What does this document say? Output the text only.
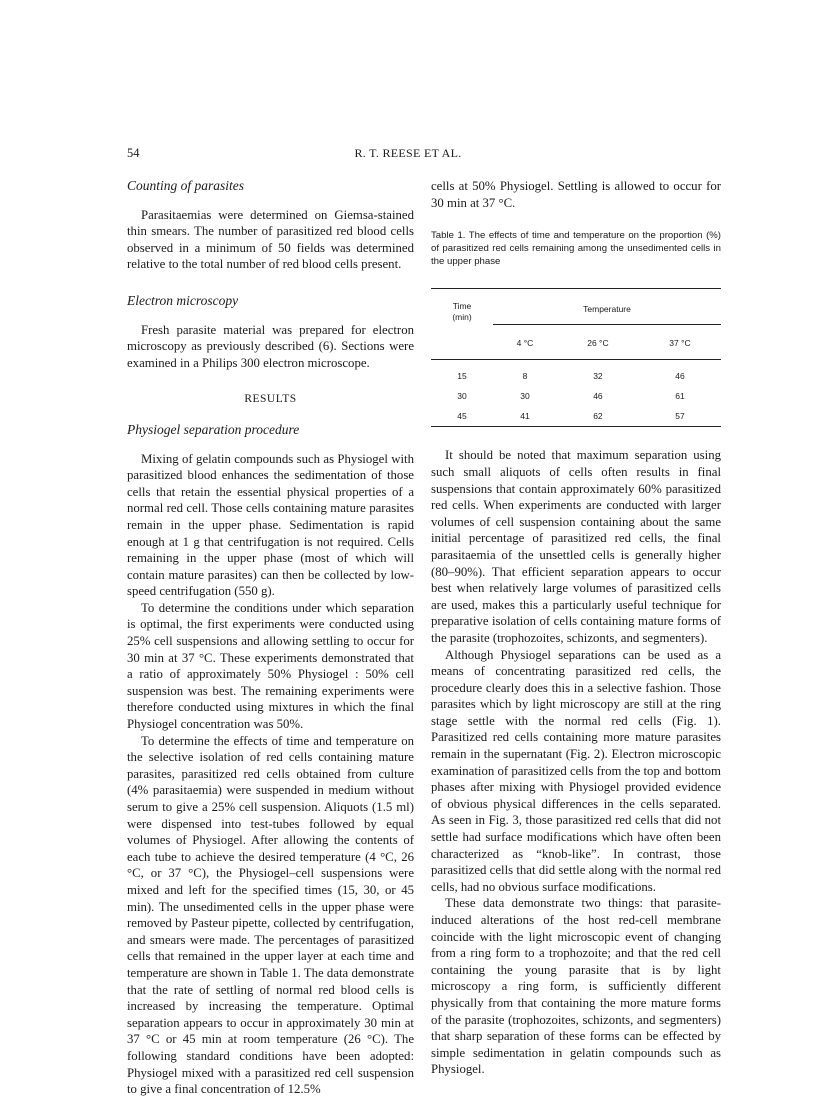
54	R. T. REESE ET AL.
Counting of parasites

Parasitaemias were determined on Giemsa-stained thin smears. The number of parasitized red blood cells observed in a minimum of 50 fields was determined relative to the total number of red blood cells present.

Electron microscopy

Fresh parasite material was prepared for electron microscopy as previously described (6). Sections were examined in a Philips 300 electron microscope.

RESULTS
Physiogel separation procedure

Mixing of gelatin compounds such as Physiogel with parasitized blood enhances the sedimentation of those cells that retain the essential physical properties of a normal red cell. Those cells containing mature parasites remain in the upper phase. Sedimentation is rapid enough at 1 g that centrifugation is not required. Cells remaining in the upper phase (most of which will contain mature parasites) can then be collected by low-speed centrifugation (550 g).

To determine the conditions under which separation is optimal, the first experiments were conducted using 25% cell suspensions and allowing settling to occur for 30 min at 37 °C. These experiments demonstrated that a ratio of approximately 50% Physiogel : 50% cell suspension was best. The remaining experiments were therefore conducted using mixtures in which the final Physiogel concentration was 50%.

To determine the effects of time and temperature on the selective isolation of red cells containing mature parasites, parasitized red cells obtained from culture (4% parasitaemia) were suspended in medium without serum to give a 25% cell suspension. Aliquots (1.5 ml) were dispensed into test-tubes followed by equal volumes of Physiogel. After allowing the contents of each tube to achieve the desired temperature (4 °C, 26 °C, or 37 °C), the Physiogel–cell suspensions were mixed and left for the specified times (15, 30, or 45 min). The unsedimented cells in the upper phase were removed by Pasteur pipette, collected by centrifugation, and smears were made. The percentages of parasitized cells that remained in the upper layer at each time and temperature are shown in Table 1. The data demonstrate that the rate of settling of normal red blood cells is increased by increasing the temperature. Optimal separation appears to occur in approximately 30 min at 37 °C or 45 min at room temperature (26 °C). The following standard conditions have been adopted: Physiogel mixed with a parasitized red cell suspension to give a final concentration of 12.5%

cells at 50% Physiogel. Settling is allowed to occur for 30 min at 37 °C.

Table 1. The effects of time and temperature on the proportion (%) of parasitized red cells remaining among the unsedimented cells in the upper phase

Time
(min)	Temperature		
	4 °C	26 °C	37 °C

15	8	32	46
30	30	46	61
45	41	62	57

It should be noted that maximum separation using such small aliquots of cells often results in final suspensions that contain approximately 60% parasitized red cells. When experiments are conducted with larger volumes of cell suspension containing about the same initial percentage of parasitized red cells, the final parasitaemia of the unsettled cells is generally higher (80–90%). That efficient separation appears to occur best when relatively large volumes of parasitized cells are used, makes this a particularly useful technique for preparative isolation of cells containing mature forms of the parasite (trophozoites, schizonts, and segmenters).

Although Physiogel separations can be used as a means of concentrating parasitized red cells, the procedure clearly does this in a selective fashion. Those parasites which by light microscopy are still at the ring stage settle with the normal red cells (Fig. 1). Parasitized red cells containing more mature parasites remain in the supernatant (Fig. 2). Electron microscopic examination of parasitized cells from the top and bottom phases after mixing with Physiogel provided evidence of obvious physical differences in the cells separated. As seen in Fig. 3, those parasitized red cells that did not settle had surface modifications which have often been characterized as “knob-like”. In contrast, those parasitized cells that did settle along with the normal red cells, had no obvious surface modifications.

These data demonstrate two things: that parasite-induced alterations of the host red-cell membrane coincide with the light microscopic event of changing from a ring form to a trophozoite; and that the red cell containing the young parasite that is by light microscopy a ring form, is sufficiently different physically from that containing the more mature forms of the parasite (trophozoites, schizonts, and segmenters) that sharp separation of these forms can be effected by simple sedimentation in gelatin compounds such as Physiogel.
